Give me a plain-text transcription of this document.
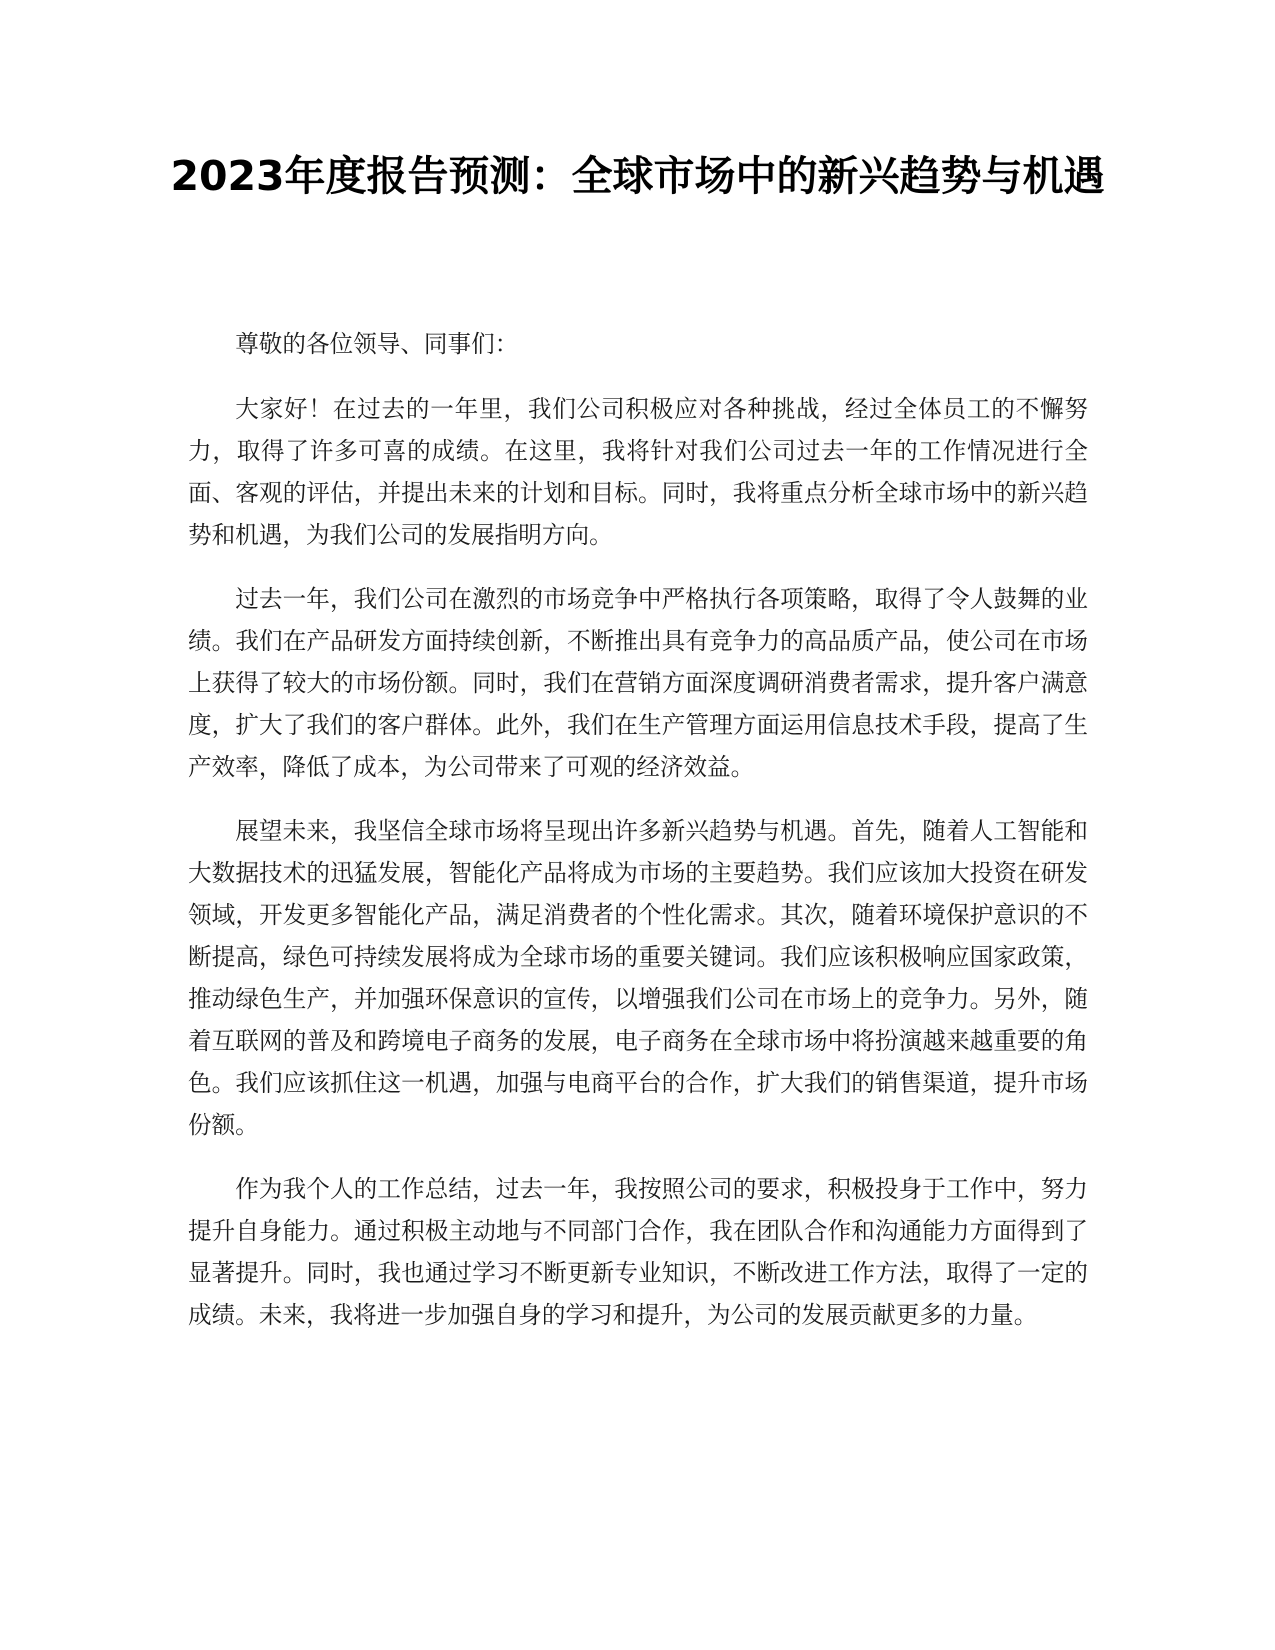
2023年度报告预测：全球市场中的新兴趋势与机遇

尊敬的各位领导、同事们：

大家好！在过去的一年里，我们公司积极应对各种挑战，经过全体员工的不懈努力，取得了许多可喜的成绩。在这里，我将针对我们公司过去一年的工作情况进行全面、客观的评估，并提出未来的计划和目标。同时，我将重点分析全球市场中的新兴趋势和机遇，为我们公司的发展指明方向。

过去一年，我们公司在激烈的市场竞争中严格执行各项策略，取得了令人鼓舞的业绩。我们在产品研发方面持续创新，不断推出具有竞争力的高品质产品，使公司在市场上获得了较大的市场份额。同时，我们在营销方面深度调研消费者需求，提升客户满意度，扩大了我们的客户群体。此外，我们在生产管理方面运用信息技术手段，提高了生产效率，降低了成本，为公司带来了可观的经济效益。

展望未来，我坚信全球市场将呈现出许多新兴趋势与机遇。首先，随着人工智能和大数据技术的迅猛发展，智能化产品将成为市场的主要趋势。我们应该加大投资在研发领域，开发更多智能化产品，满足消费者的个性化需求。其次，随着环境保护意识的不断提高，绿色可持续发展将成为全球市场的重要关键词。我们应该积极响应国家政策，推动绿色生产，并加强环保意识的宣传，以增强我们公司在市场上的竞争力。另外，随着互联网的普及和跨境电子商务的发展，电子商务在全球市场中将扮演越来越重要的角色。我们应该抓住这一机遇，加强与电商平台的合作，扩大我们的销售渠道，提升市场份额。

作为我个人的工作总结，过去一年，我按照公司的要求，积极投身于工作中，努力提升自身能力。通过积极主动地与不同部门合作，我在团队合作和沟通能力方面得到了显著提升。同时，我也通过学习不断更新专业知识，不断改进工作方法，取得了一定的成绩。未来，我将进一步加强自身的学习和提升，为公司的发展贡献更多的力量。
